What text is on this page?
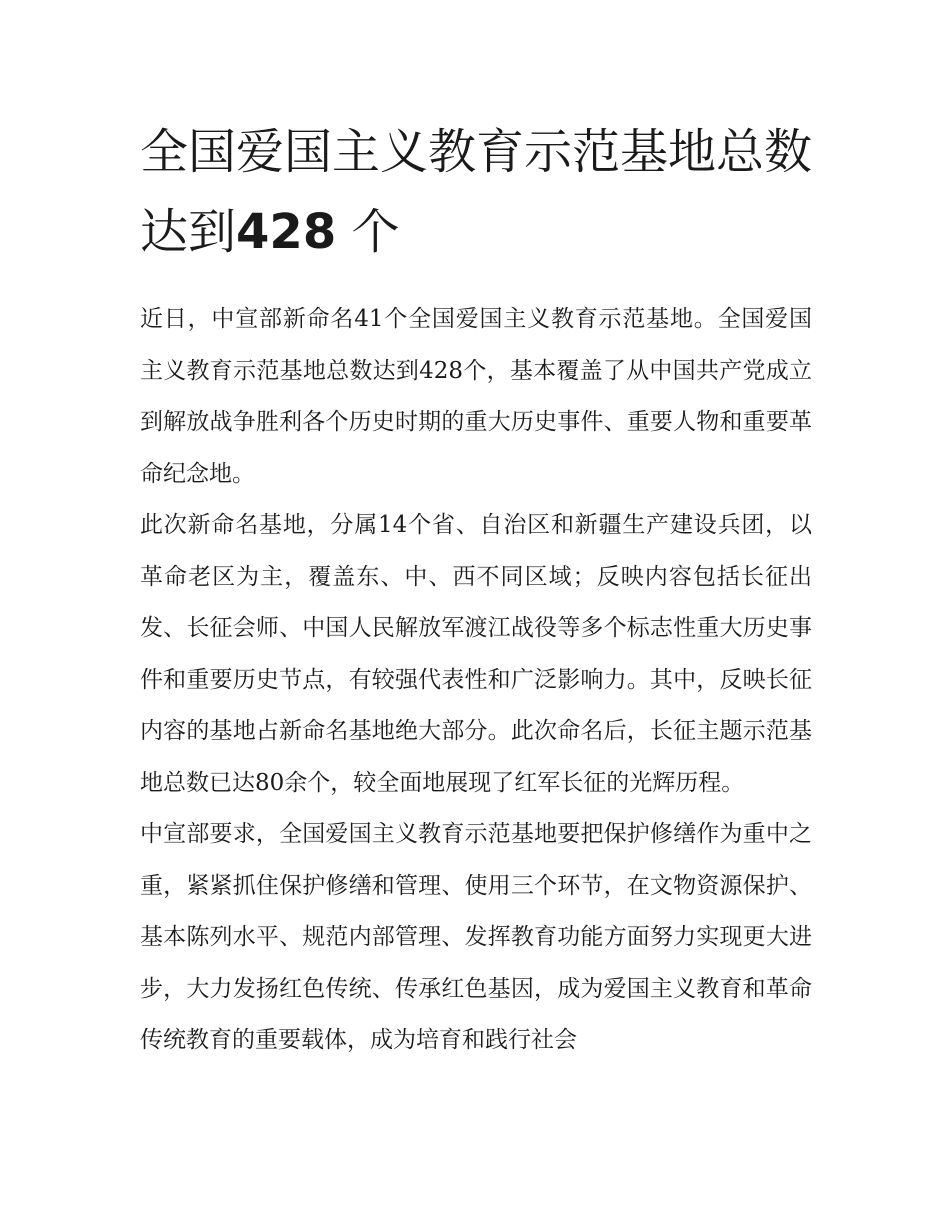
全国爱国主义教育示范基地总数达到428 个

近日，中宣部新命名41个全国爱国主义教育示范基地。全国爱国主义教育示范基地总数达到428个，基本覆盖了从中国共产党成立到解放战争胜利各个历史时期的重大历史事件、重要人物和重要革命纪念地。

此次新命名基地，分属14个省、自治区和新疆生产建设兵团，以革命老区为主，覆盖东、中、西不同区域；反映内容包括长征出发、长征会师、中国人民解放军渡江战役等多个标志性重大历史事件和重要历史节点，有较强代表性和广泛影响力。其中，反映长征内容的基地占新命名基地绝大部分。此次命名后，长征主题示范基地总数已达80余个，较全面地展现了红军长征的光辉历程。

中宣部要求，全国爱国主义教育示范基地要把保护修缮作为重中之重，紧紧抓住保护修缮和管理、使用三个环节，在文物资源保护、基本陈列水平、规范内部管理、发挥教育功能方面努力实现更大进步，大力发扬红色传统、传承红色基因，成为爱国主义教育和革命传统教育的重要载体，成为培育和践行社会
